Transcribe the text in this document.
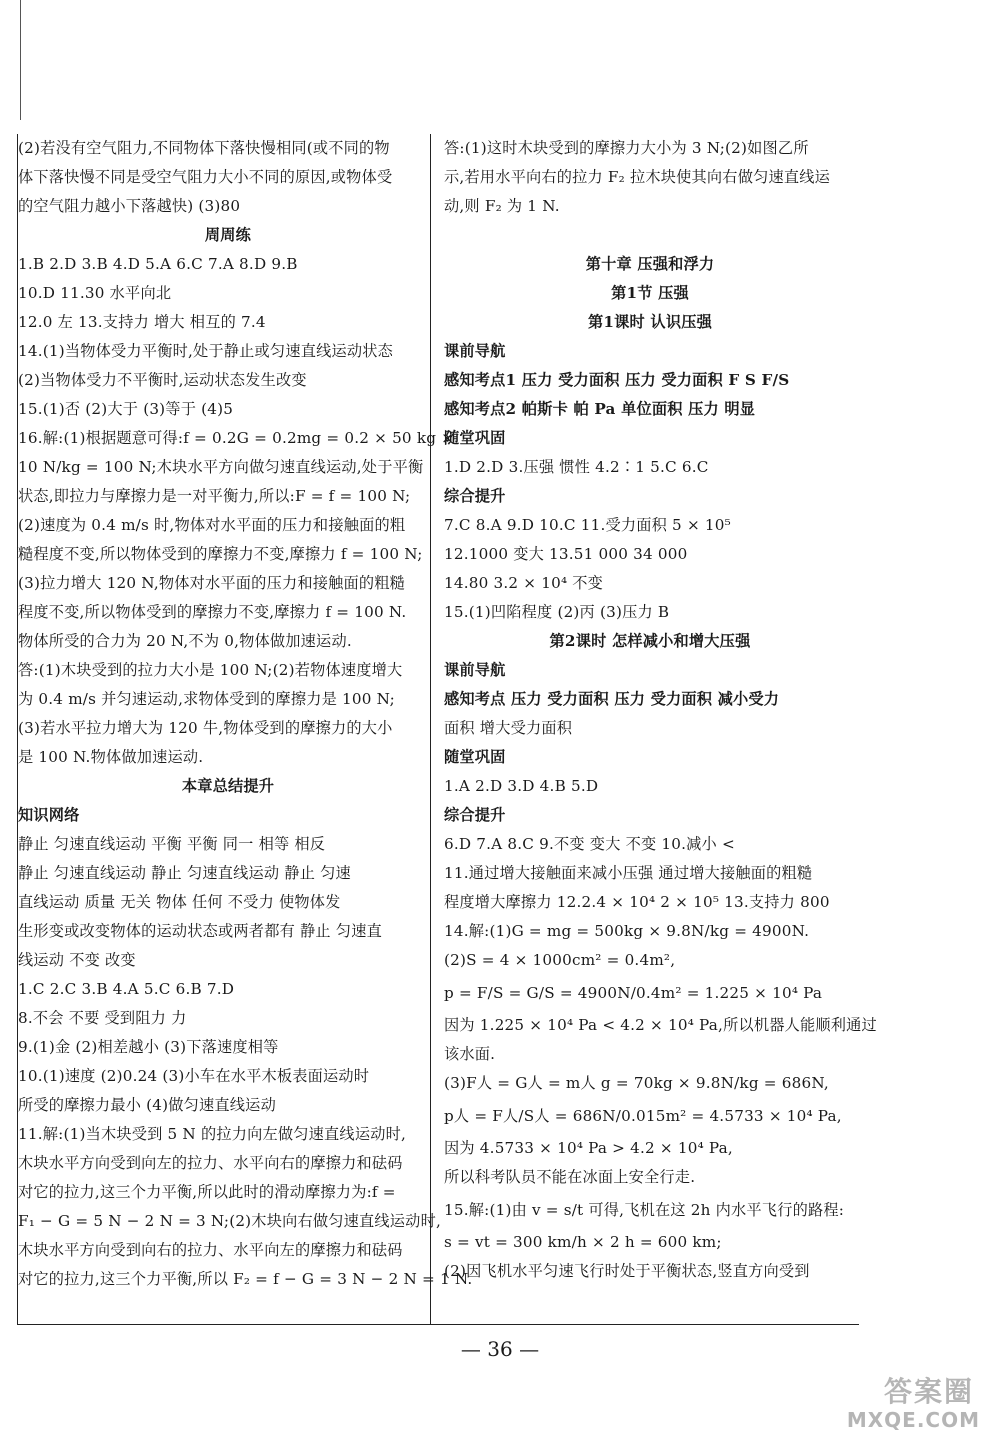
(2)若没有空气阻力,不同物体下落快慢相同(或不同的物
体下落快慢不同是受空气阻力大小不同的原因,或物体受
的空气阻力越小下落越快) (3)80
周周练
1.B 2.D 3.B 4.D 5.A 6.C 7.A 8.D 9.B
10.D 11.30 水平向北
12.0 左 13.支持力 增大 相互的 7.4
14.(1)当物体受力平衡时,处于静止或匀速直线运动状态
(2)当物体受力不平衡时,运动状态发生改变
15.(1)否 (2)大于 (3)等于 (4)5
16.解:(1)根据题意可得:f = 0.2G = 0.2mg = 0.2 × 50 kg ×
10 N/kg = 100 N;木块水平方向做匀速直线运动,处于平衡
状态,即拉力与摩擦力是一对平衡力,所以:F = f = 100 N;
(2)速度为 0.4 m/s 时,物体对水平面的压力和接触面的粗
糙程度不变,所以物体受到的摩擦力不变,摩擦力 f = 100 N;
(3)拉力增大 120 N,物体对水平面的压力和接触面的粗糙
程度不变,所以物体受到的摩擦力不变,摩擦力 f = 100 N.
物体所受的合力为 20 N,不为 0,物体做加速运动.
答:(1)木块受到的拉力大小是 100 N;(2)若物体速度增大
为 0.4 m/s 并匀速运动,求物体受到的摩擦力是 100 N;
(3)若水平拉力增大为 120 牛,物体受到的摩擦力的大小
是 100 N.物体做加速运动.
本章总结提升
知识网络
静止 匀速直线运动 平衡 平衡 同一 相等 相反
静止 匀速直线运动 静止 匀速直线运动 静止 匀速
直线运动 质量 无关 物体 任何 不受力 使物体发
生形变或改变物体的运动状态或两者都有 静止 匀速直
线运动 不变 改变
1.C 2.C 3.B 4.A 5.C 6.B 7.D
8.不会 不要 受到阻力 力
9.(1)金 (2)相差越小 (3)下落速度相等
10.(1)速度 (2)0.24 (3)小车在水平木板表面运动时
所受的摩擦力最小 (4)做匀速直线运动
11.解:(1)当木块受到 5 N 的拉力向左做匀速直线运动时,
木块水平方向受到向左的拉力、水平向右的摩擦力和砝码
对它的拉力,这三个力平衡,所以此时的滑动摩擦力为:f =
F₁ − G = 5 N − 2 N = 3 N;(2)木块向右做匀速直线运动时,
木块水平方向受到向右的拉力、水平向左的摩擦力和砝码
对它的拉力,这三个力平衡,所以 F₂ = f − G = 3 N − 2 N = 1 N.
答:(1)这时木块受到的摩擦力大小为 3 N;(2)如图乙所
示,若用水平向右的拉力 F₂ 拉木块使其向右做匀速直线运
动,则 F₂ 为 1 N.
第十章 压强和浮力
第1节 压强
第1课时 认识压强
课前导航
感知考点1 压力 受力面积 压力 受力面积 F S F/S
感知考点2 帕斯卡 帕 Pa 单位面积 压力 明显
随堂巩固
1.D 2.D 3.压强 惯性 4.2∶1 5.C 6.C
综合提升
7.C 8.A 9.D 10.C 11.受力面积 5 × 10⁵
12.1000 变大 13.51 000 34 000
14.80 3.2 × 10⁴ 不变
15.(1)凹陷程度 (2)丙 (3)压力 B
第2课时 怎样减小和增大压强
课前导航
感知考点 压力 受力面积 压力 受力面积 减小受力
面积 增大受力面积
随堂巩固
1.A 2.D 3.D 4.B 5.D
综合提升
6.D 7.A 8.C 9.不变 变大 不变 10.减小 <
11.通过增大接触面来减小压强 通过增大接触面的粗糙
程度增大摩擦力 12.2.4 × 10⁴ 2 × 10⁵ 13.支持力 800
14.解:(1)G = mg = 500kg × 9.8N/kg = 4900N.
(2)S = 4 × 1000cm² = 0.4m²,
p = F/S = G/S = 4900N/0.4m² = 1.225 × 10⁴ Pa
因为 1.225 × 10⁴ Pa < 4.2 × 10⁴ Pa,所以机器人能顺利通过
该水面.
(3)F人 = G人 = m人 g = 70kg × 9.8N/kg = 686N,
p人 = F人/S人 = 686N/0.015m² = 4.5733 × 10⁴ Pa,
因为 4.5733 × 10⁴ Pa > 4.2 × 10⁴ Pa,
所以科考队员不能在冰面上安全行走.
15.解:(1)由 v = s/t 可得,飞机在这 2h 内水平飞行的路程:
s = vt = 300 km/h × 2 h = 600 km;
(2)因飞机水平匀速飞行时处于平衡状态,竖直方向受到
— 36 —
答案圈
MXQE.COM
